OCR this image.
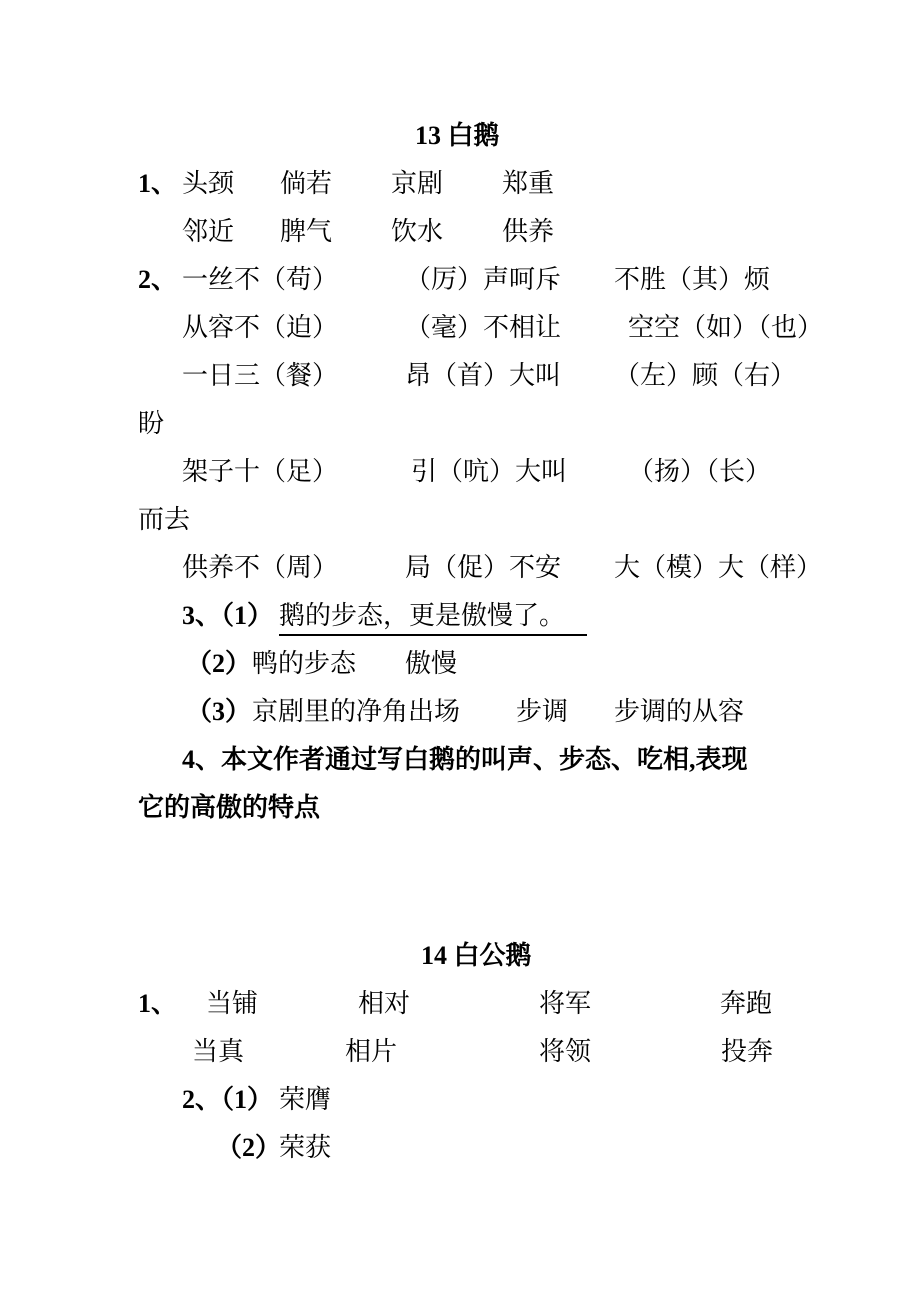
13 白鹅
1、 头颈 倘若 京剧 郑重
邻近 脾气 饮水 供养
2、 一丝不（苟）	（厉）声呵斥 不胜（其）烦
从容不（迫）	（毫）不相让	空空（如）（也）
一日三（餐）	昂（首）大叫 （左）顾（右）
盼
架子十（足）	引（吭）大叫 （扬）（长）
而去
供养不（周）	局（促）不安 大（模）大（样）
3、（1） 鹅的步态，更是傲慢了。
（2） 鸭的步态 傲慢
（3） 京剧里的净角出场 步调 步调的从容
4、本文作者通过写白鹅的叫声、步态、吃相,表现
它的高傲的特点
14 白公鹅
1、 当铺	相对	将军	奔跑
当真	相片	将领	投奔
2、（1） 荣膺
（2）
荣获
